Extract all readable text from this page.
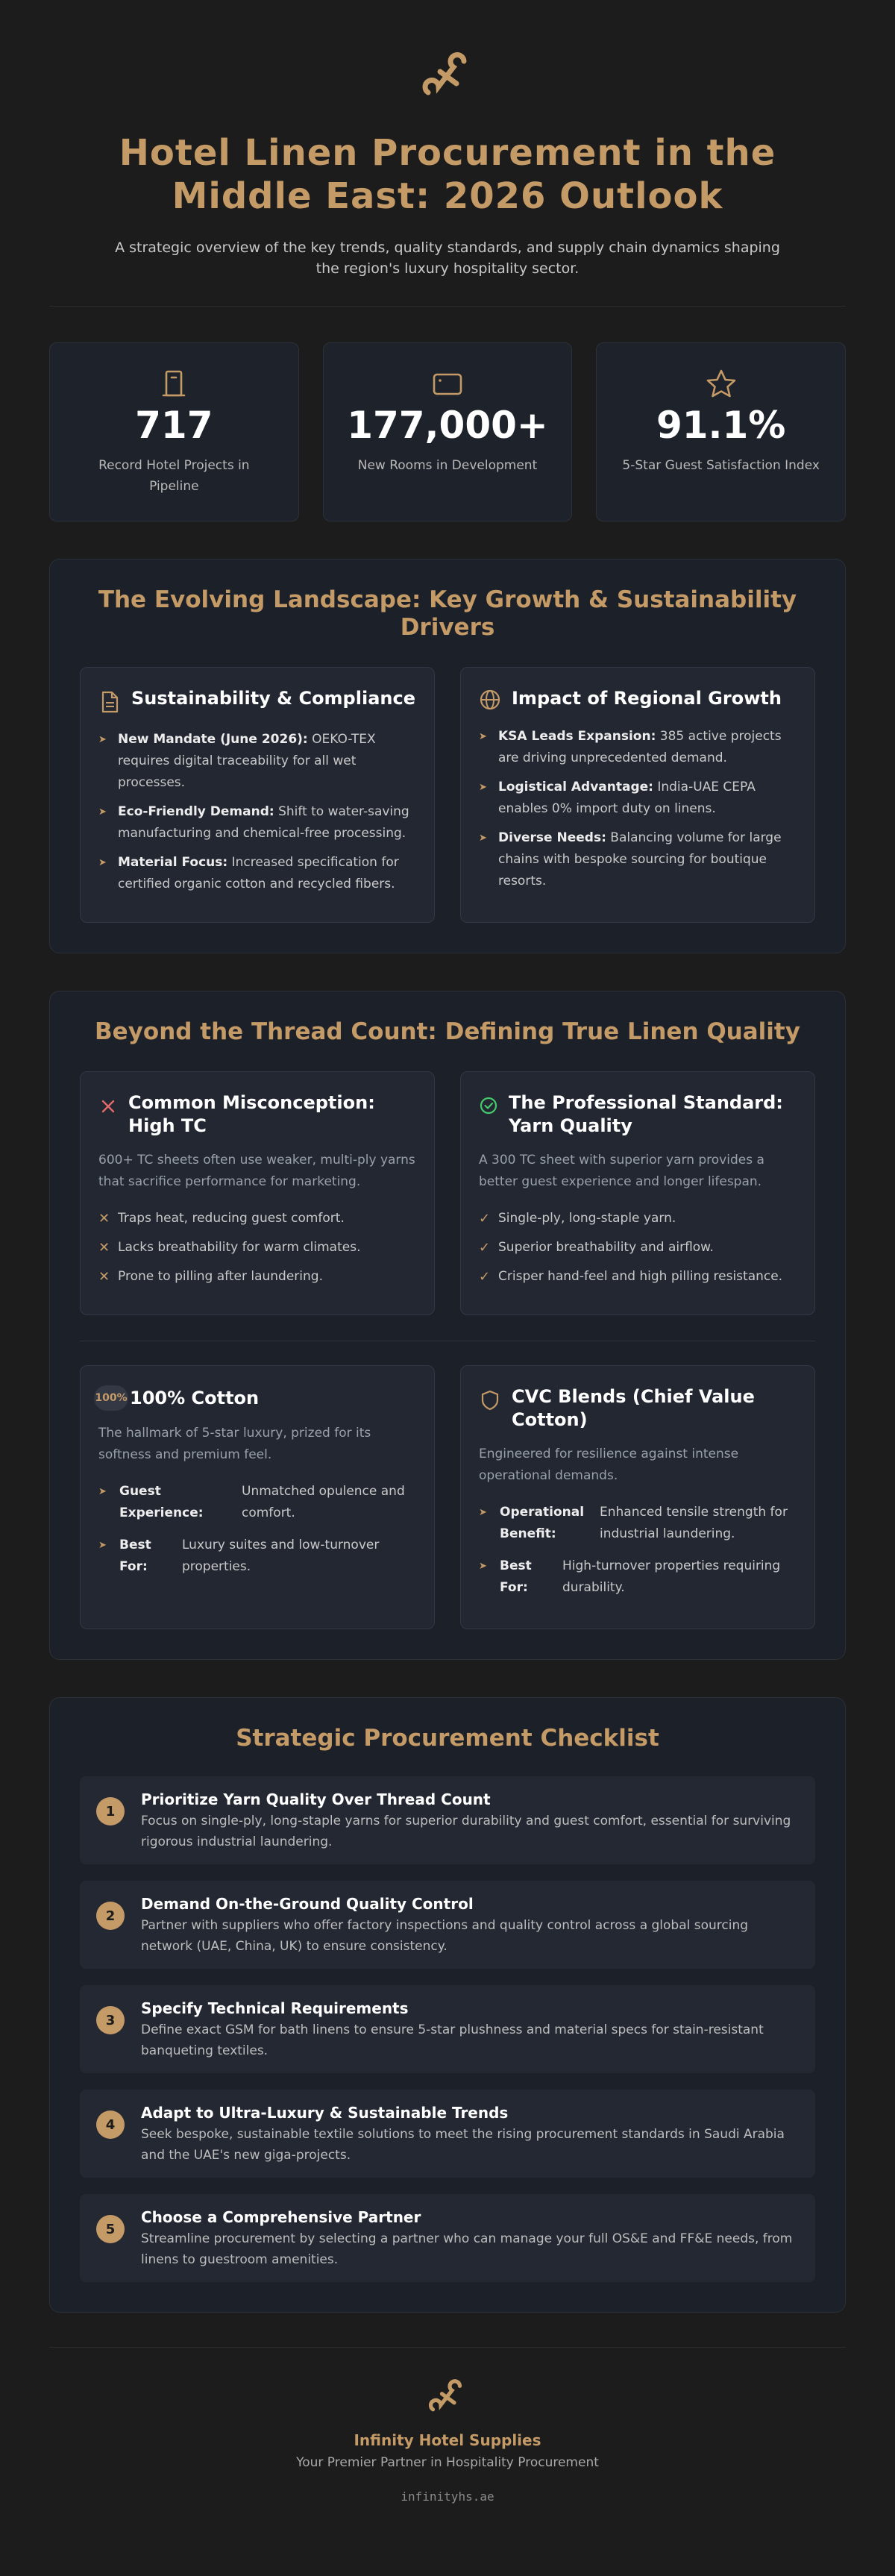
Hotel Linen Procurement in the Middle East: 2026 Outlook

A strategic overview of the key trends, quality standards, and supply chain dynamics shaping the region's luxury hospitality sector.

717
Record Hotel Projects in Pipeline
177,000+
New Rooms in Development
91.1%
5-Star Guest Satisfaction Index
The Evolving Landscape: Key Growth & Sustainability Drivers
Sustainability & Compliance
➤ New Mandate (June 2026): OEKO-TEX requires digital traceability for all wet processes.
➤ Eco-Friendly Demand: Shift to water-saving manufacturing and chemical-free processing.
➤ Material Focus: Increased specification for certified organic cotton and recycled fibers.
Impact of Regional Growth
➤ KSA Leads Expansion: 385 active projects are driving unprecedented demand.
➤ Logistical Advantage: India-UAE CEPA enables 0% import duty on linens.
➤ Diverse Needs: Balancing volume for large chains with bespoke sourcing for boutique resorts.
Beyond the Thread Count: Defining True Linen Quality
Common Misconception: High TC
600+ TC sheets often use weaker, multi-ply yarns that sacrifice performance for marketing.
✕ Traps heat, reducing guest comfort.
✕ Lacks breathability for warm climates.
✕ Prone to pilling after laundering.
The Professional Standard: Yarn Quality
A 300 TC sheet with superior yarn provides a better guest experience and longer lifespan.
✓ Single-ply, long-staple yarn.
✓ Superior breathability and airflow.
✓ Crisper hand-feel and high pilling resistance.
100% 100% Cotton
The hallmark of 5-star luxury, prized for its softness and premium feel.
➤ Guest Experience:
Unmatched opulence and comfort.
➤ Best For:
Luxury suites and low-turnover properties.
CVC Blends (Chief Value Cotton)
Engineered for resilience against intense operational demands.
➤ Operational Benefit:
Enhanced tensile strength for industrial laundering.
➤ Best For:
High-turnover properties requiring durability.
Strategic Procurement Checklist
1
Prioritize Yarn Quality Over Thread Count
Focus on single-ply, long-staple yarns for superior durability and guest comfort, essential for surviving rigorous industrial laundering.
2
Demand On-the-Ground Quality Control
Partner with suppliers who offer factory inspections and quality control across a global sourcing network (UAE, China, UK) to ensure consistency.
3
Specify Technical Requirements
Define exact GSM for bath linens to ensure 5-star plushness and material specs for stain-resistant banqueting textiles.
4
Adapt to Ultra-Luxury & Sustainable Trends
Seek bespoke, sustainable textile solutions to meet the rising procurement standards in Saudi Arabia and the UAE's new giga-projects.
5
Choose a Comprehensive Partner
Streamline procurement by selecting a partner who can manage your full OS&E and FF&E needs, from linens to guestroom amenities.
Infinity Hotel Supplies
Your Premier Partner in Hospitality Procurement
infinityhs.ae
